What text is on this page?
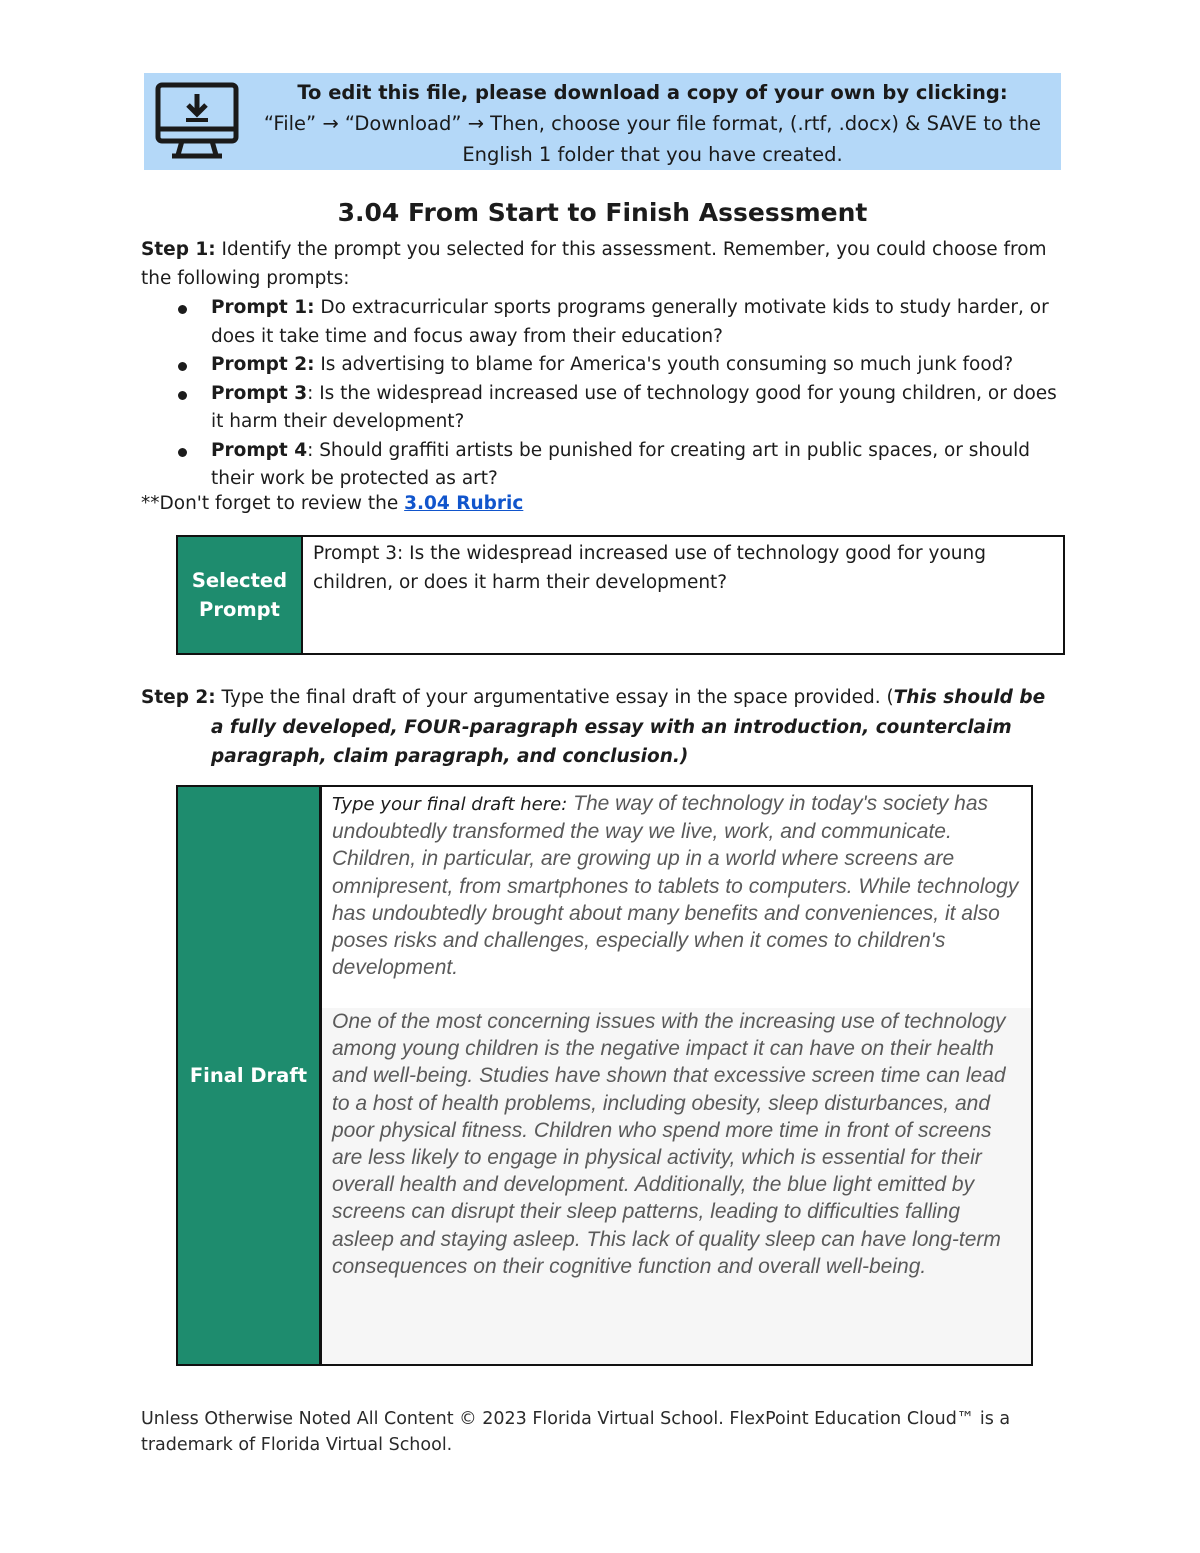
To edit this file, please download a copy of your own by clicking:
“File” → “Download” → Then, choose your file format, (.rtf, .docx) & SAVE to the
English 1 folder that you have created.
3.04 From Start to Finish Assessment
Step 1: Identify the prompt you selected for this assessment. Remember, you could choose from the following prompts:
Prompt 1: Do extracurricular sports programs generally motivate kids to study harder, or does it take time and focus away from their education?
Prompt 2: Is advertising to blame for America's youth consuming so much junk food?
Prompt 3: Is the widespread increased use of technology good for young children, or does it harm their development?
Prompt 4: Should graffiti artists be punished for creating art in public spaces, or should their work be protected as art?
**Don't forget to review the 3.04 Rubric
Selected Prompt
Prompt 3: Is the widespread increased use of technology good for young children, or does it harm their development?
Step 2: Type the final draft of your argumentative essay in the space provided. (This should be
a fully developed, FOUR-paragraph essay with an introduction, counterclaim paragraph, claim paragraph, and conclusion.)
Final Draft
Type your final draft here: The way of technology in today's society has undoubtedly transformed the way we live, work, and communicate. Children, in particular, are growing up in a world where screens are omnipresent, from smartphones to tablets to computers. While technology has undoubtedly brought about many benefits and conveniences, it also poses risks and challenges, especially when it comes to children's development.
One of the most concerning issues with the increasing use of technology among young children is the negative impact it can have on their health and well-being. Studies have shown that excessive screen time can lead to a host of health problems, including obesity, sleep disturbances, and poor physical fitness. Children who spend more time in front of screens are less likely to engage in physical activity, which is essential for their overall health and development. Additionally, the blue light emitted by screens can disrupt their sleep patterns, leading to difficulties falling asleep and staying asleep. This lack of quality sleep can have long-term consequences on their cognitive function and overall well-being.
Unless Otherwise Noted All Content © 2023 Florida Virtual School. FlexPoint Education Cloud™ is a trademark of Florida Virtual School.
